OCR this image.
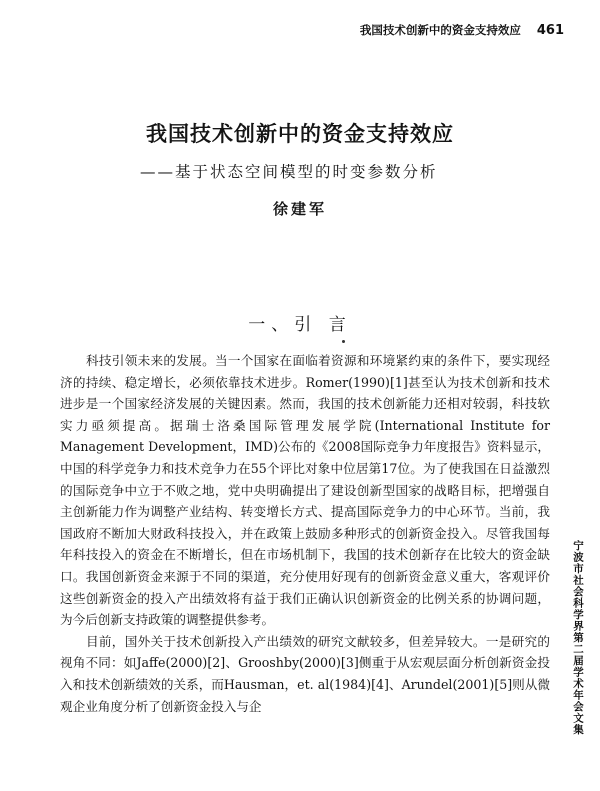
我国技术创新中的资金支持效应 461
我国技术创新中的资金支持效应
——基于状态空间模型的时变参数分析
徐建军
一、引 言

科技引领未来的发展。当一个国家在面临着资源和环境紧约束的条件下，要实现经济的持续、稳定增长，必须依靠技术进步。Romer(1990)[1]甚至认为技术创新和技术进步是一个国家经济发展的关键因素。然而，我国的技术创新能力还相对较弱，科技软实力亟须提高。据瑞士洛桑国际管理发展学院(International Institute for Management Development，IMD)公布的《2008国际竞争力年度报告》资料显示，中国的科学竞争力和技术竞争力在55个评比对象中位居第17位。为了使我国在日益激烈的国际竞争中立于不败之地，党中央明确提出了建设创新型国家的战略目标，把增强自主创新能力作为调整产业结构、转变增长方式、提高国际竞争力的中心环节。当前，我国政府不断加大财政科技投入，并在政策上鼓励多种形式的创新资金投入。尽管我国每年科技投入的资金在不断增长，但在市场机制下，我国的技术创新存在比较大的资金缺口。我国创新资金来源于不同的渠道，充分使用好现有的创新资金意义重大，客观评价这些创新资金的投入产出绩效将有益于我们正确认识创新资金的比例关系的协调问题，为今后创新支持政策的调整提供参考。

目前，国外关于技术创新投入产出绩效的研究文献较多，但差异较大。一是研究的视角不同：如Jaffe(2000)[2]、Grooshby(2000)[3]侧重于从宏观层面分析创新资金投入和技术创新绩效的关系，而Hausman，et. al(1984)[4]、Arundel(2001)[5]则从微观企业角度分析了创新资金投入与企	宁波市社会科学界第二届学术年会文集
